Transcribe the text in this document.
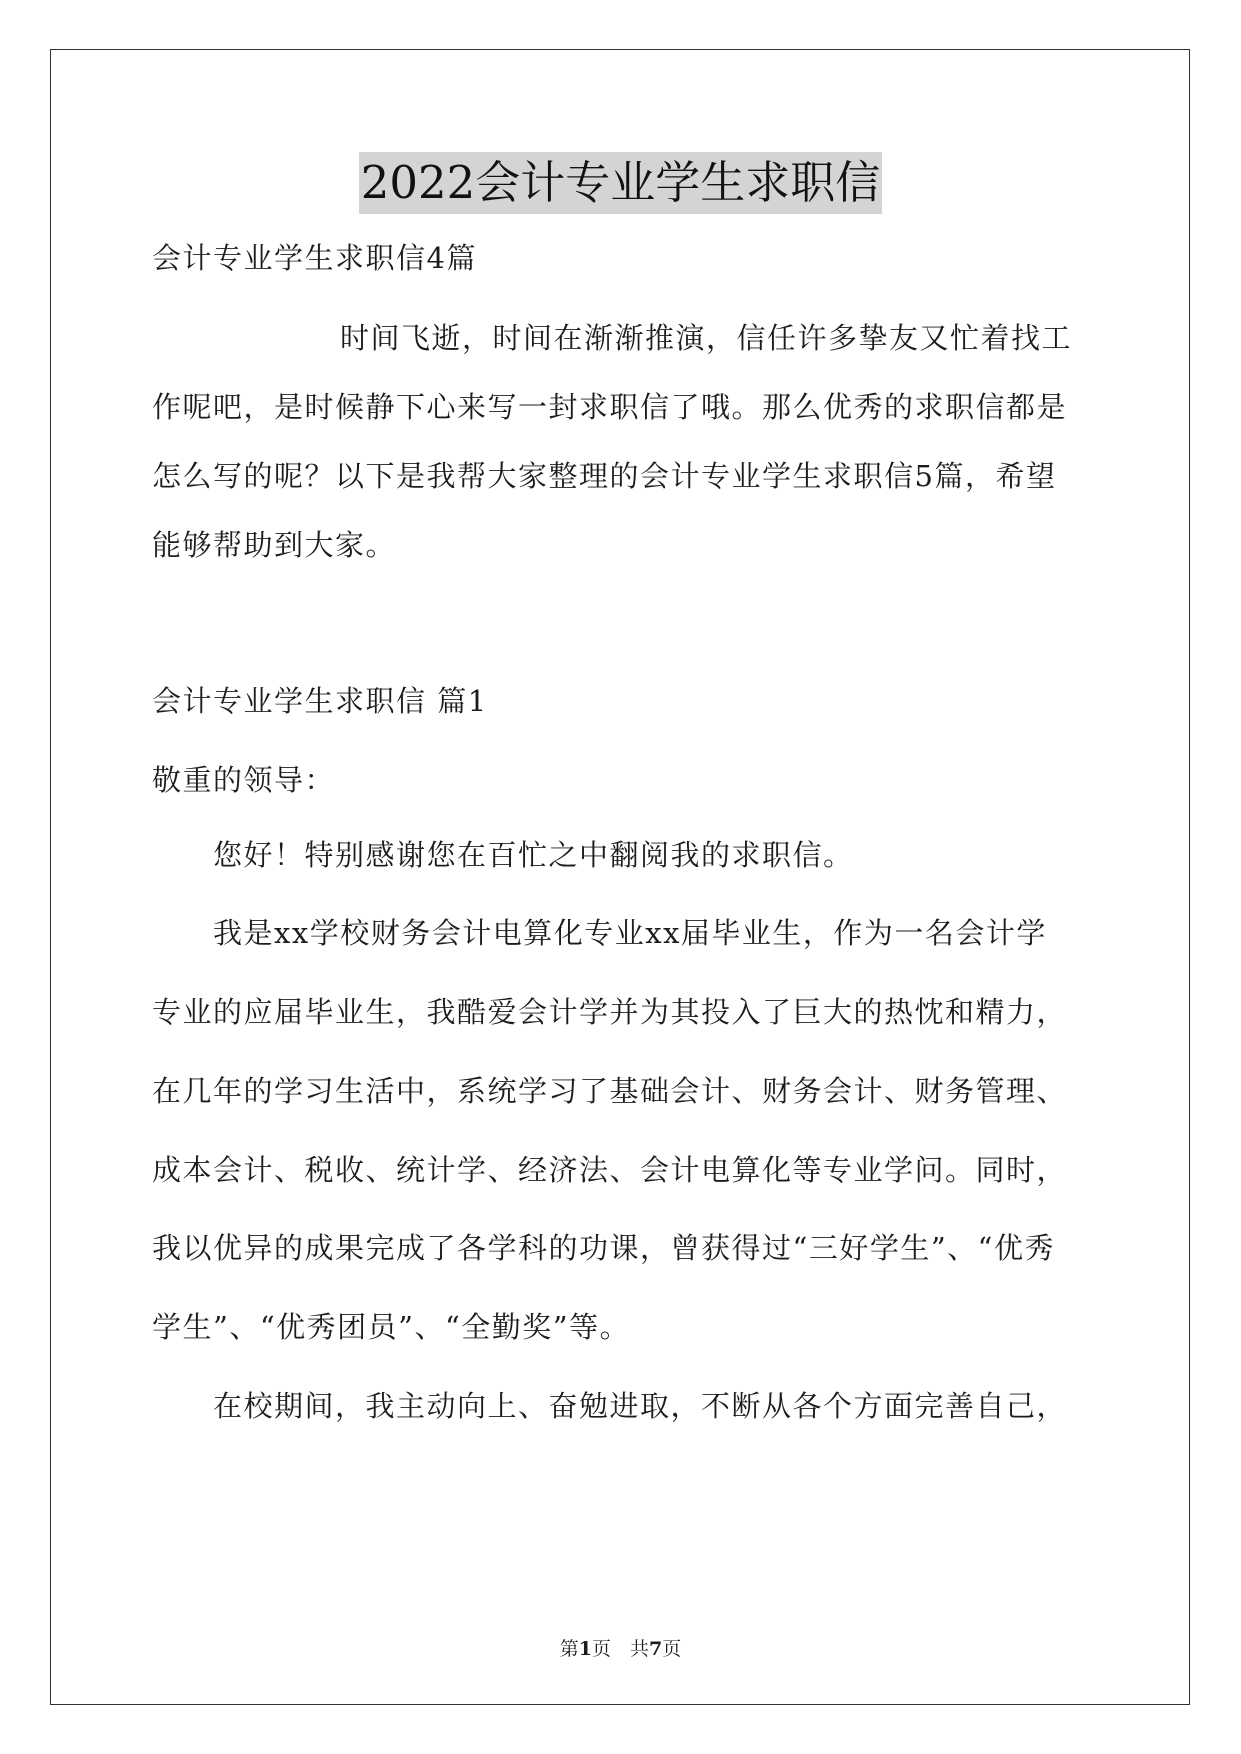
2022会计专业学生求职信
会计专业学生求职信4篇
时间飞逝，时间在渐渐推演，信任许多挚友又忙着找工
作呢吧，是时候静下心来写一封求职信了哦。那么优秀的求职信都是
怎么写的呢？以下是我帮大家整理的会计专业学生求职信5篇，希望
能够帮助到大家。
会计专业学生求职信 篇1
敬重的领导：
您好！特别感谢您在百忙之中翻阅我的求职信。
我是xx学校财务会计电算化专业xx届毕业生，作为一名会计学
专业的应届毕业生，我酷爱会计学并为其投入了巨大的热忱和精力，
在几年的学习生活中，系统学习了基础会计、财务会计、财务管理、
成本会计、税收、统计学、经济法、会计电算化等专业学问。同时，
我以优异的成果完成了各学科的功课，曾获得过“三好学生”、“优秀
学生”、“优秀团员”、“全勤奖”等。
在校期间，我主动向上、奋勉进取，不断从各个方面完善自己，
第1页　共7页
